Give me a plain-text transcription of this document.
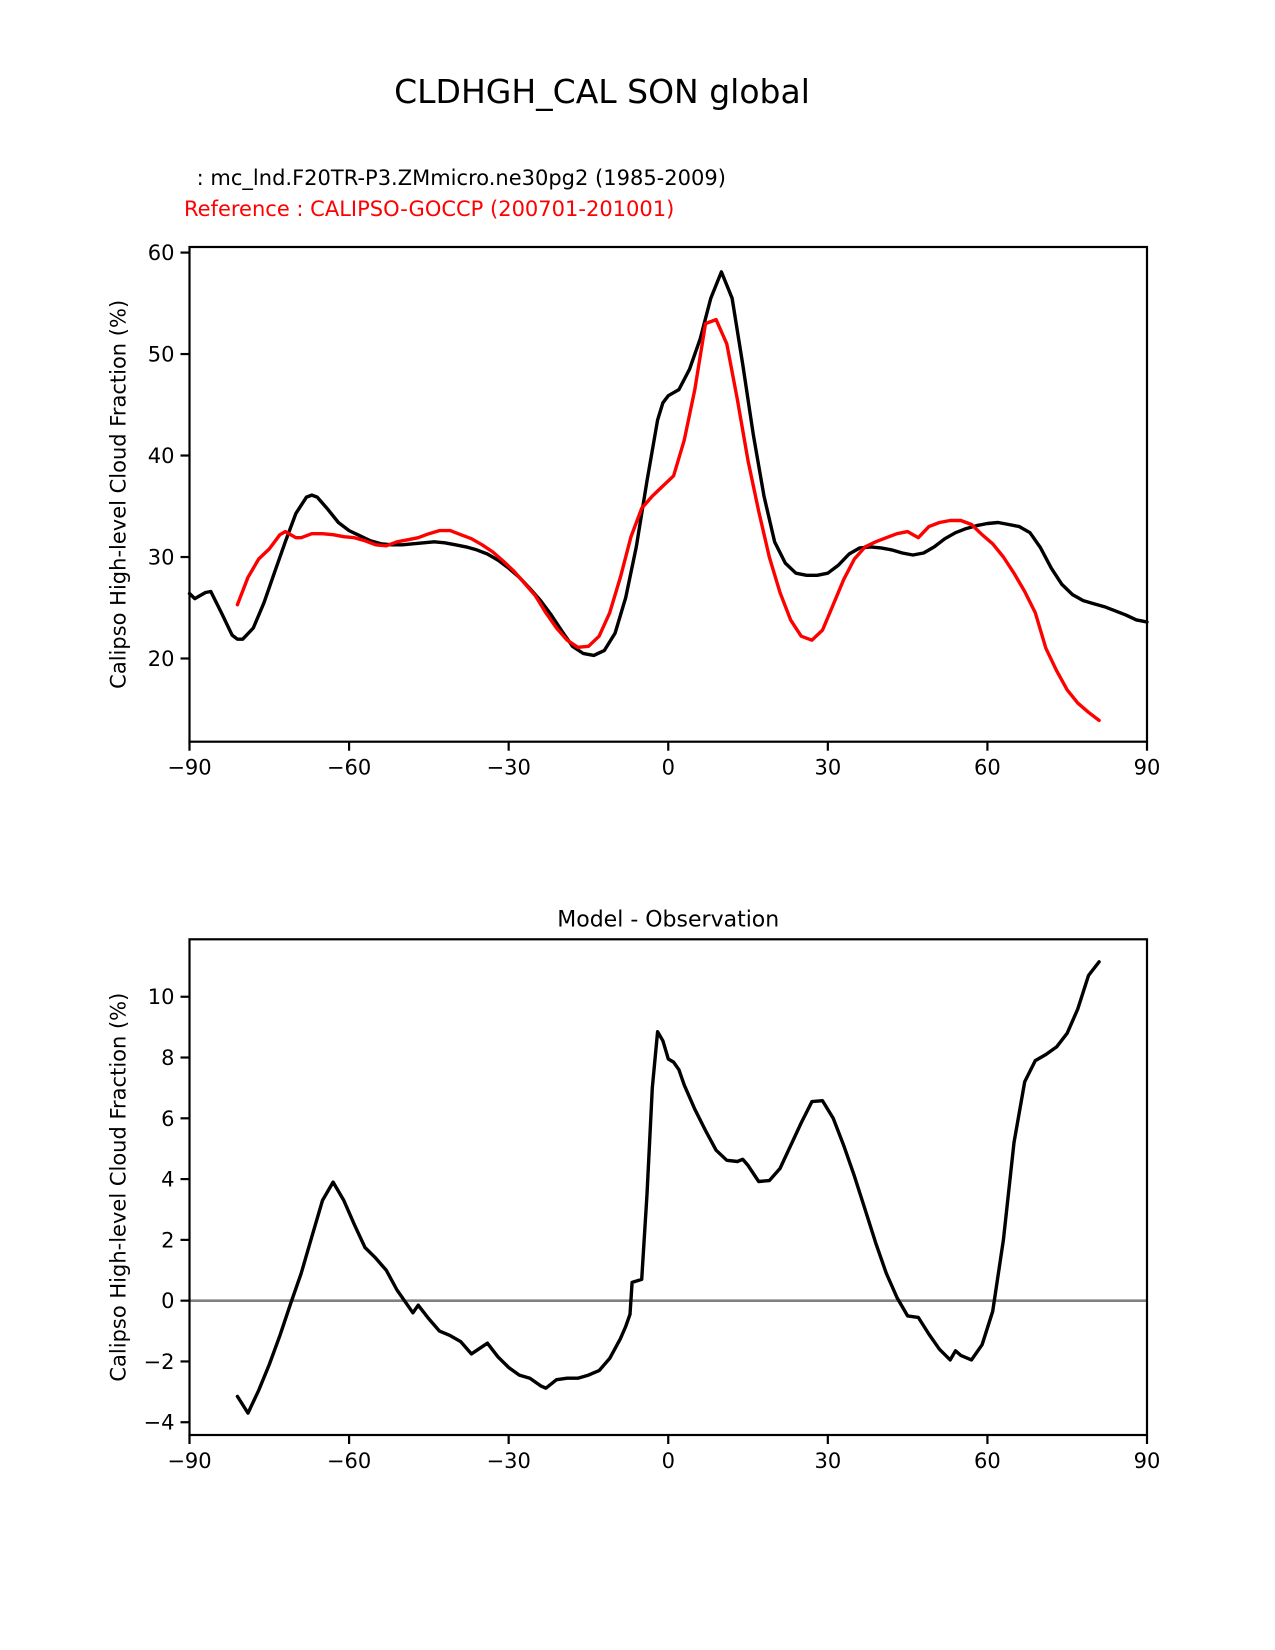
CLDHGH_CAL SON global
: mc_lnd.F20TR-P3.ZMmicro.ne30pg2 (1985-2009)
Reference : CALIPSO-GOCCP (200701-201001)
−90	−60	−30	0	30	60	90
20
30
40
50
60
Calipso High-level Cloud Fraction (%)
−90	−60	−30	0	30	60	90
−4
−2
0
2
4
6
8
10
Calipso High-level Cloud Fraction (%)
Model - Observation
